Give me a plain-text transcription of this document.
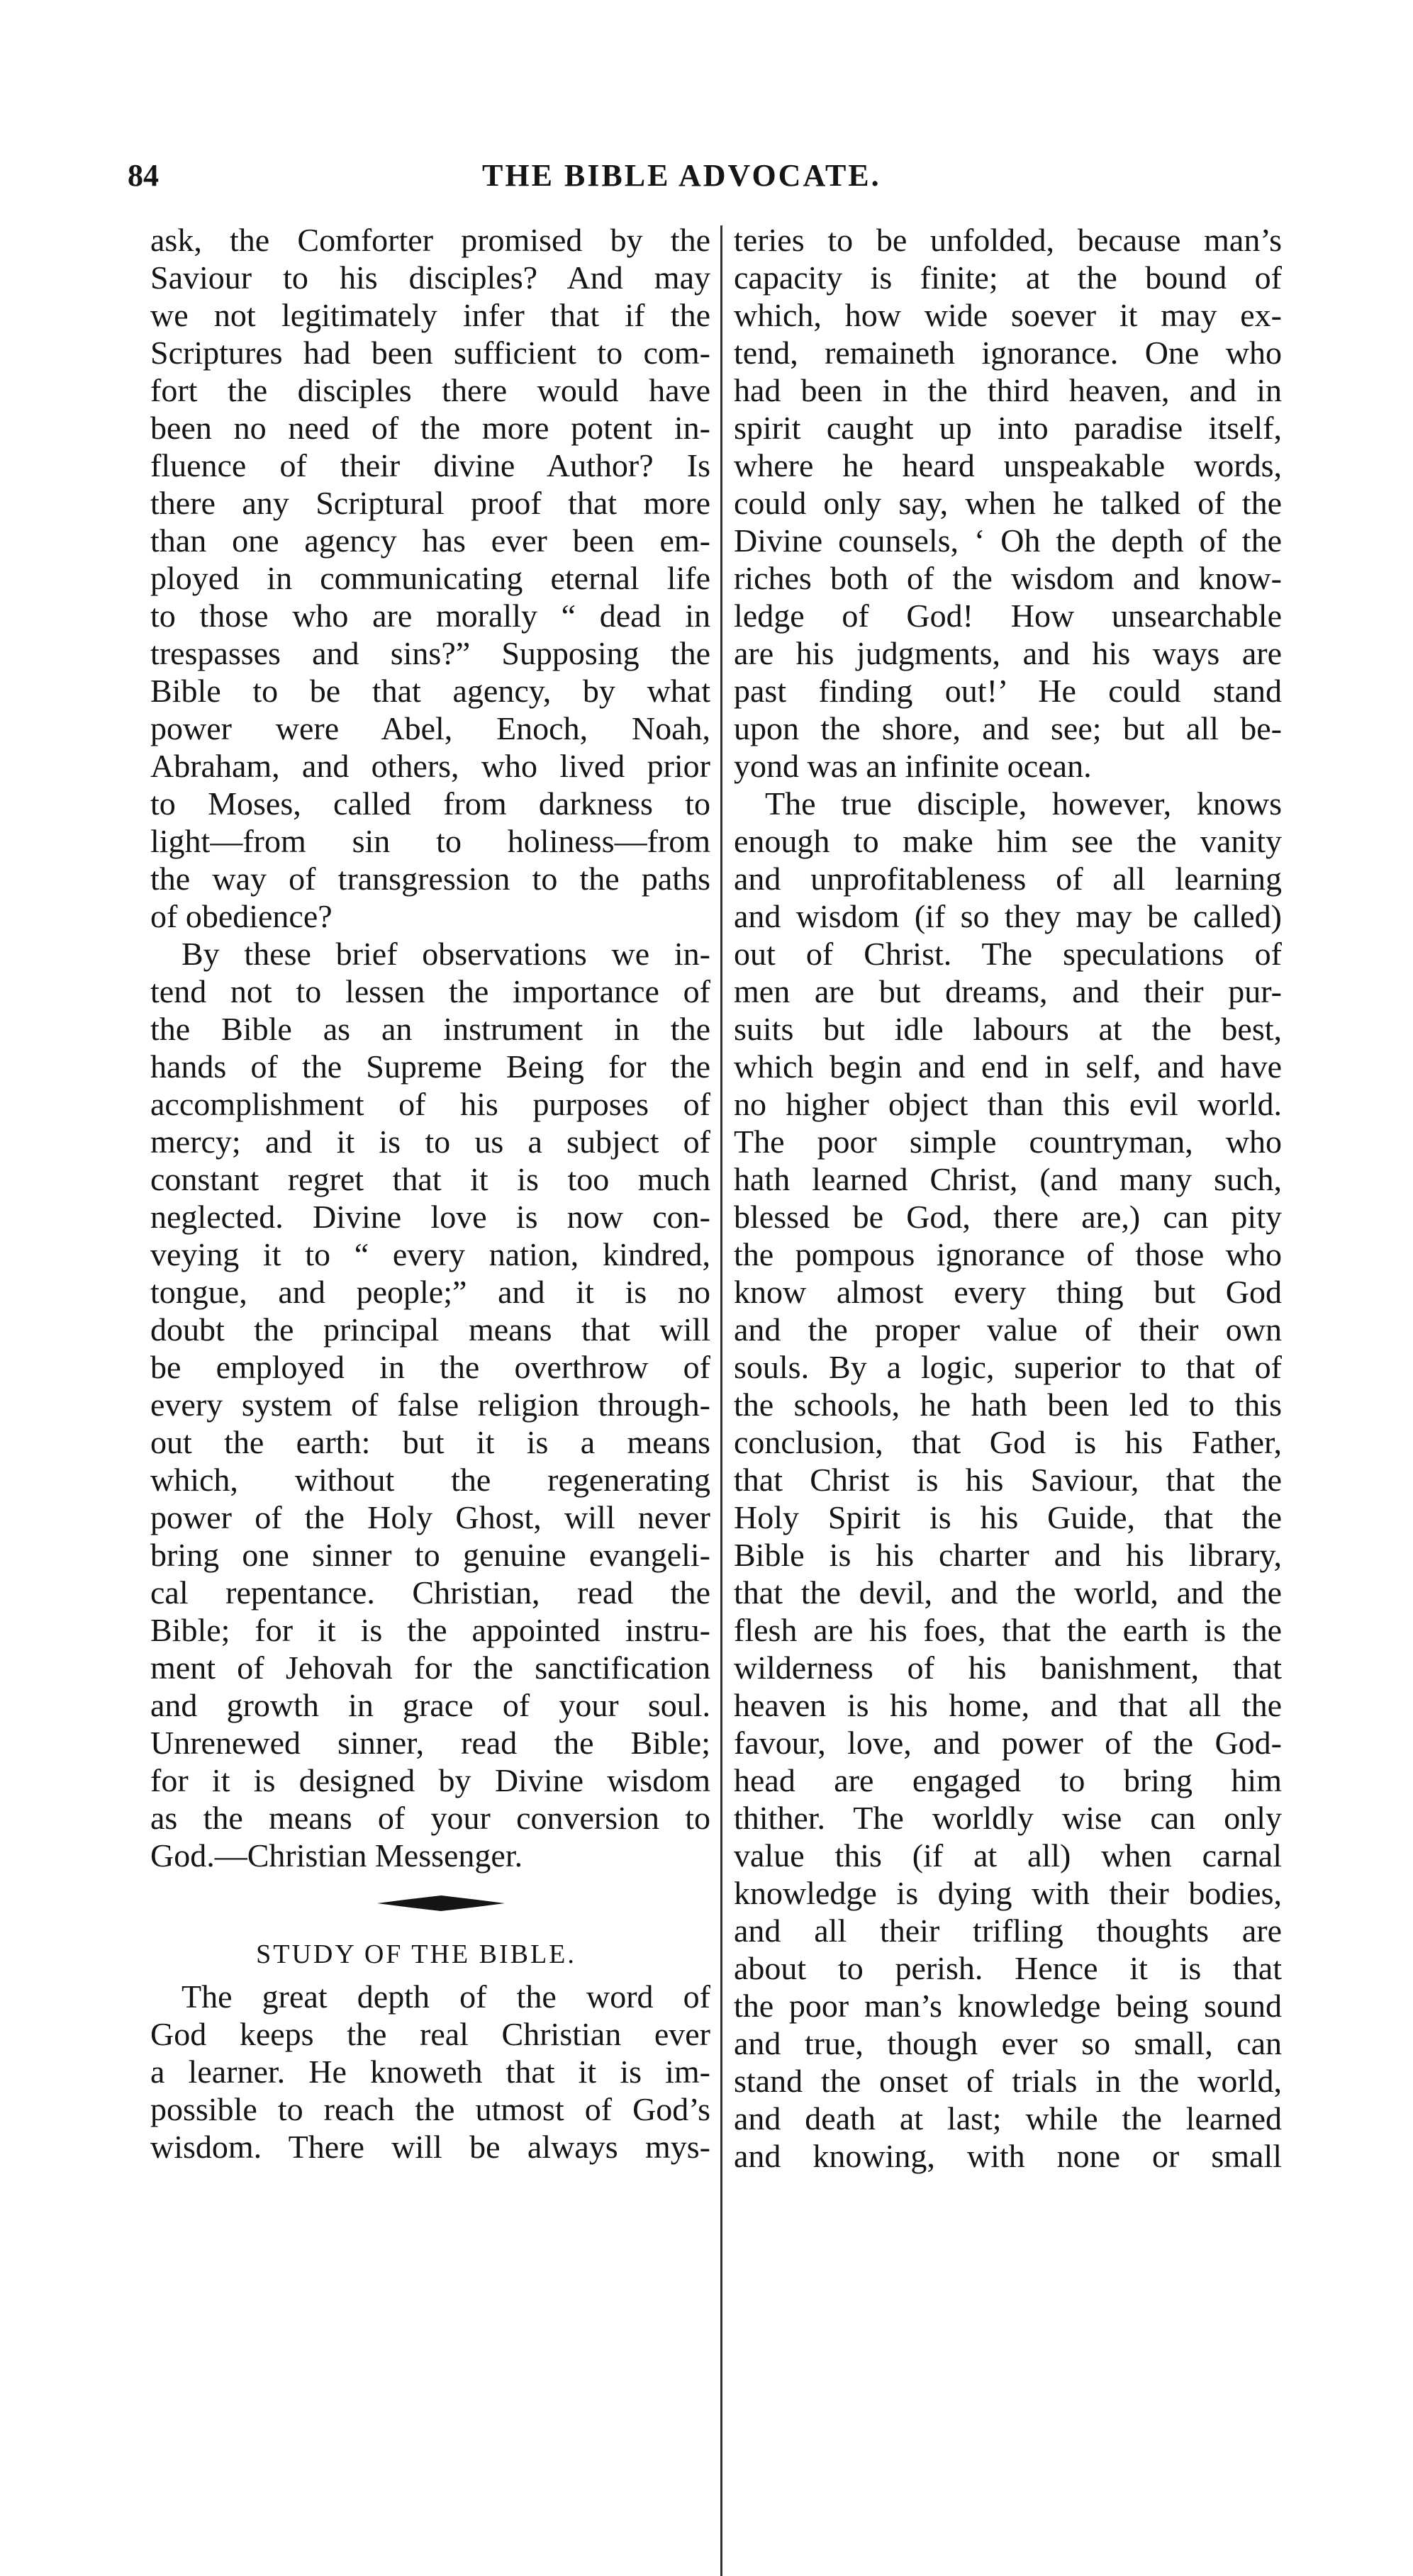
84	THE BIBLE ADVOCATE.
ask, the Comforter promised by the
Saviour to his disciples? And may
we not legitimately infer that if the
Scriptures had been sufficient to com-
fort the disciples there would have
been no need of the more potent in-
fluence of their divine Author? Is
there any Scriptural proof that more
than one agency has ever been em-
ployed in communicating eternal life
to those who are morally “ dead in
trespasses and sins?” Supposing the
Bible to be that agency, by what
power were Abel, Enoch, Noah,
Abraham, and others, who lived prior
to Moses, called from darkness to
light—from sin to holiness—from
the way of transgression to the paths
of obedience?
By these brief observations we in-
tend not to lessen the importance of
the Bible as an instrument in the
hands of the Supreme Being for the
accomplishment of his purposes of
mercy; and it is to us a subject of
constant regret that it is too much
neglected. Divine love is now con-
veying it to “ every nation, kindred,
tongue, and people;” and it is no
doubt the principal means that will
be employed in the overthrow of
every system of false religion through-
out the earth: but it is a means
which, without the regenerating
power of the Holy Ghost, will never
bring one sinner to genuine evangeli-
cal repentance. Christian, read the
Bible; for it is the appointed instru-
ment of Jehovah for the sanctification
and growth in grace of your soul.
Unrenewed sinner, read the Bible;
for it is designed by Divine wisdom
as the means of your conversion to
God.—Christian Messenger.
STUDY OF THE BIBLE.
The great depth of the word of
God keeps the real Christian ever
a learner. He knoweth that it is im-
possible to reach the utmost of God’s
wisdom. There will be always mys-
teries to be unfolded, because man’s
capacity is finite; at the bound of
which, how wide soever it may ex-
tend, remaineth ignorance. One who
had been in the third heaven, and in
spirit caught up into paradise itself,
where he heard unspeakable words,
could only say, when he talked of the
Divine counsels, ‘ Oh the depth of the
riches both of the wisdom and know-
ledge of God! How unsearchable
are his judgments, and his ways are
past finding out!’ He could stand
upon the shore, and see; but all be-
yond was an infinite ocean.
The true disciple, however, knows
enough to make him see the vanity
and unprofitableness of all learning
and wisdom (if so they may be called)
out of Christ. The speculations of
men are but dreams, and their pur-
suits but idle labours at the best,
which begin and end in self, and have
no higher object than this evil world.
The poor simple countryman, who
hath learned Christ, (and many such,
blessed be God, there are,) can pity
the pompous ignorance of those who
know almost every thing but God
and the proper value of their own
souls. By a logic, superior to that of
the schools, he hath been led to this
conclusion, that God is his Father,
that Christ is his Saviour, that the
Holy Spirit is his Guide, that the
Bible is his charter and his library,
that the devil, and the world, and the
flesh are his foes, that the earth is the
wilderness of his banishment, that
heaven is his home, and that all the
favour, love, and power of the God-
head are engaged to bring him
thither. The worldly wise can only
value this (if at all) when carnal
knowledge is dying with their bodies,
and all their trifling thoughts are
about to perish. Hence it is that
the poor man’s knowledge being sound
and true, though ever so small, can
stand the onset of trials in the world,
and death at last; while the learned
and knowing, with none or small
